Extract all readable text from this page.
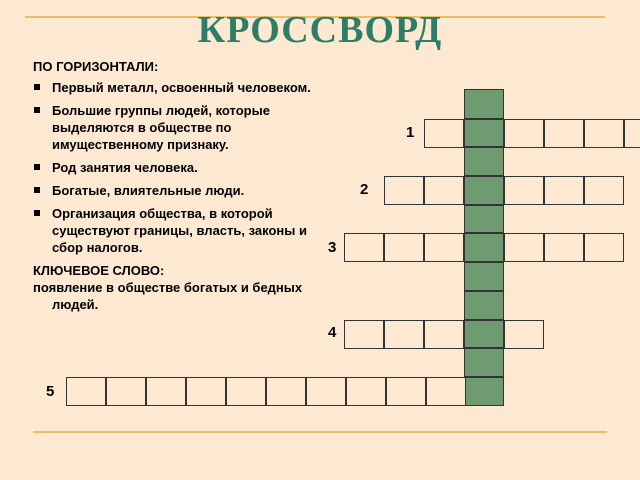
КРОССВОРД
ПО ГОРИЗОНТАЛИ:
Первый металл, освоенный человеком.
Большие группы людей, которые выделяются в обществе по имущественному признаку.
Род занятия человека.
Богатые, влиятельные люди.
Организация общества, в которой существуют границы, власть, законы и сбор налогов.
КЛЮЧЕВОЕ СЛОВО:
появление в обществе богатых и бедных людей.
1
2
3
4
5
